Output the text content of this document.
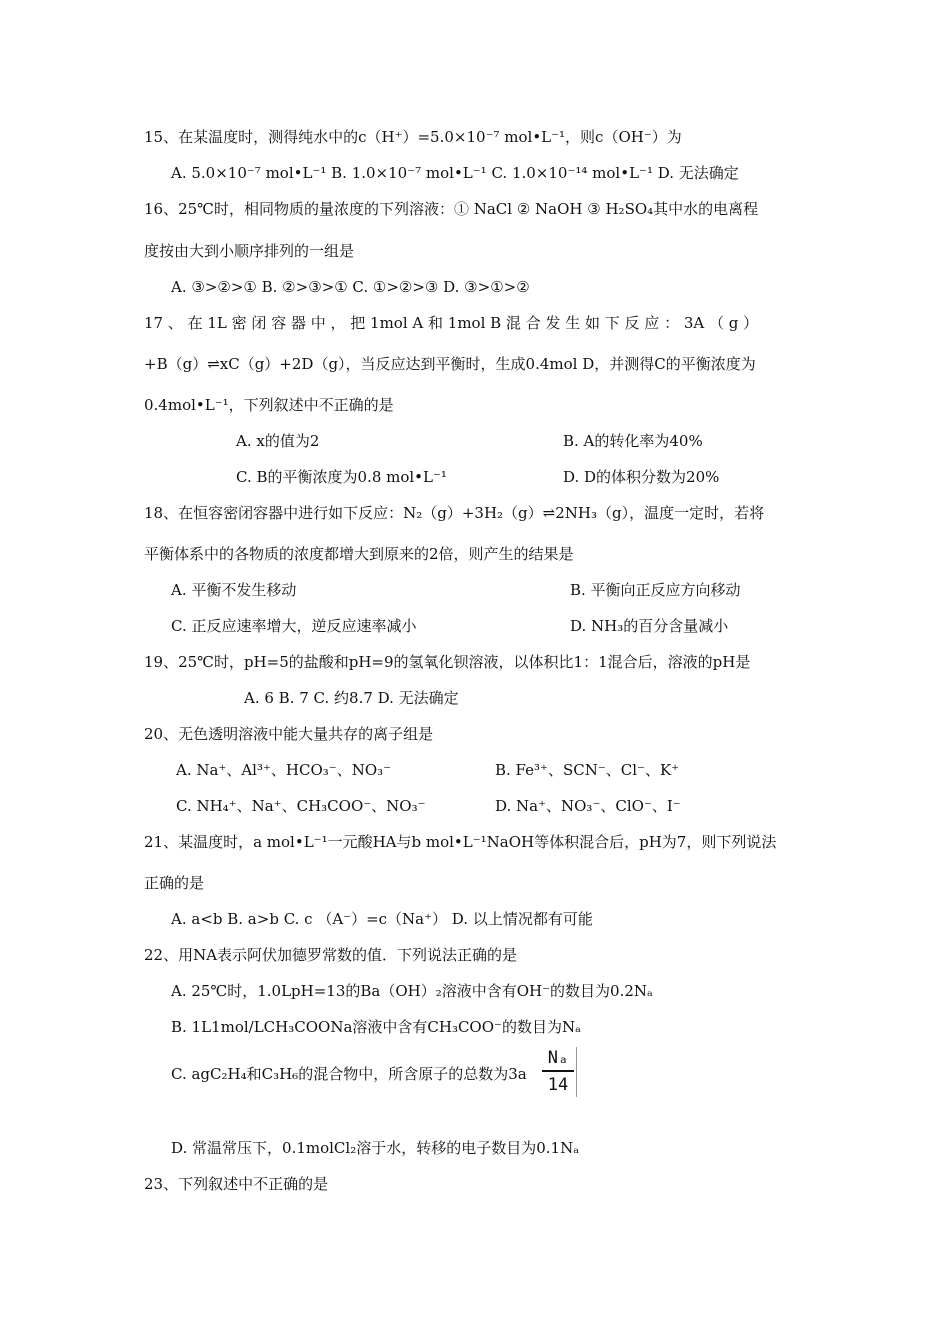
15、在某温度时，测得纯水中的c（H⁺）=5.0×10⁻⁷ mol•L⁻¹，则c（OH⁻）为
A. 5.0×10⁻⁷ mol•L⁻¹ B. 1.0×10⁻⁷ mol•L⁻¹ C. 1.0×10⁻¹⁴ mol•L⁻¹ D. 无法确定
16、25℃时，相同物质的量浓度的下列溶液：① NaCl ② NaOH ③ H₂SO₄其中水的电离程
度按由大到小顺序排列的一组是
A. ③>②>① B. ②>③>① C. ①>②>③ D. ③>①>②
17 、 在 1L 密 闭 容 器 中 ， 把 1mol A 和 1mol B 混 合 发 生 如 下 反 应 ： 3A （ g ）
+B（g）⇌xC（g）+2D（g），当反应达到平衡时，生成0.4mol D，并测得C的平衡浓度为
0.4mol•L⁻¹，下列叙述中不正确的是
A. x的值为2	B. A的转化率为40%
C. B的平衡浓度为0.8 mol•L⁻¹	D. D的体积分数为20%
18、在恒容密闭容器中进行如下反应：N₂（g）+3H₂（g）⇌2NH₃（g），温度一定时，若将
平衡体系中的各物质的浓度都增大到原来的2倍，则产生的结果是
A. 平衡不发生移动	B. 平衡向正反应方向移动
C. 正反应速率增大，逆反应速率减小	D. NH₃的百分含量减小
19、25℃时，pH=5的盐酸和pH=9的氢氧化钡溶液，以体积比1：1混合后，溶液的pH是
A. 6 B. 7 C. 约8.7 D. 无法确定
20、无色透明溶液中能大量共存的离子组是
A. Na⁺、Al³⁺、HCO₃⁻、NO₃⁻	B. Fe³⁺、SCN⁻、Cl⁻、K⁺
C. NH₄⁺、Na⁺、CH₃COO⁻、NO₃⁻	D. Na⁺、NO₃⁻、ClO⁻、I⁻
21、某温度时，a mol•L⁻¹一元酸HA与b mol•L⁻¹NaOH等体积混合后，pH为7，则下列说法
正确的是
A. a<b B. a>b C. c （A⁻）=c（Na⁺） D. 以上情况都有可能
22、用NA表示阿伏加德罗常数的值．下列说法正确的是
A. 25℃时，1.0LpH=13的Ba（OH）₂溶液中含有OH⁻的数目为0.2Nₐ
B. 1L1mol/LCH₃COONa溶液中含有CH₃COO⁻的数目为Nₐ
C. agC₂H₄和C₃H₆的混合物中，所含原子的总数为3a
Nₐ
14
D. 常温常压下，0.1molCl₂溶于水，转移的电子数目为0.1Nₐ
23、下列叙述中不正确的是
